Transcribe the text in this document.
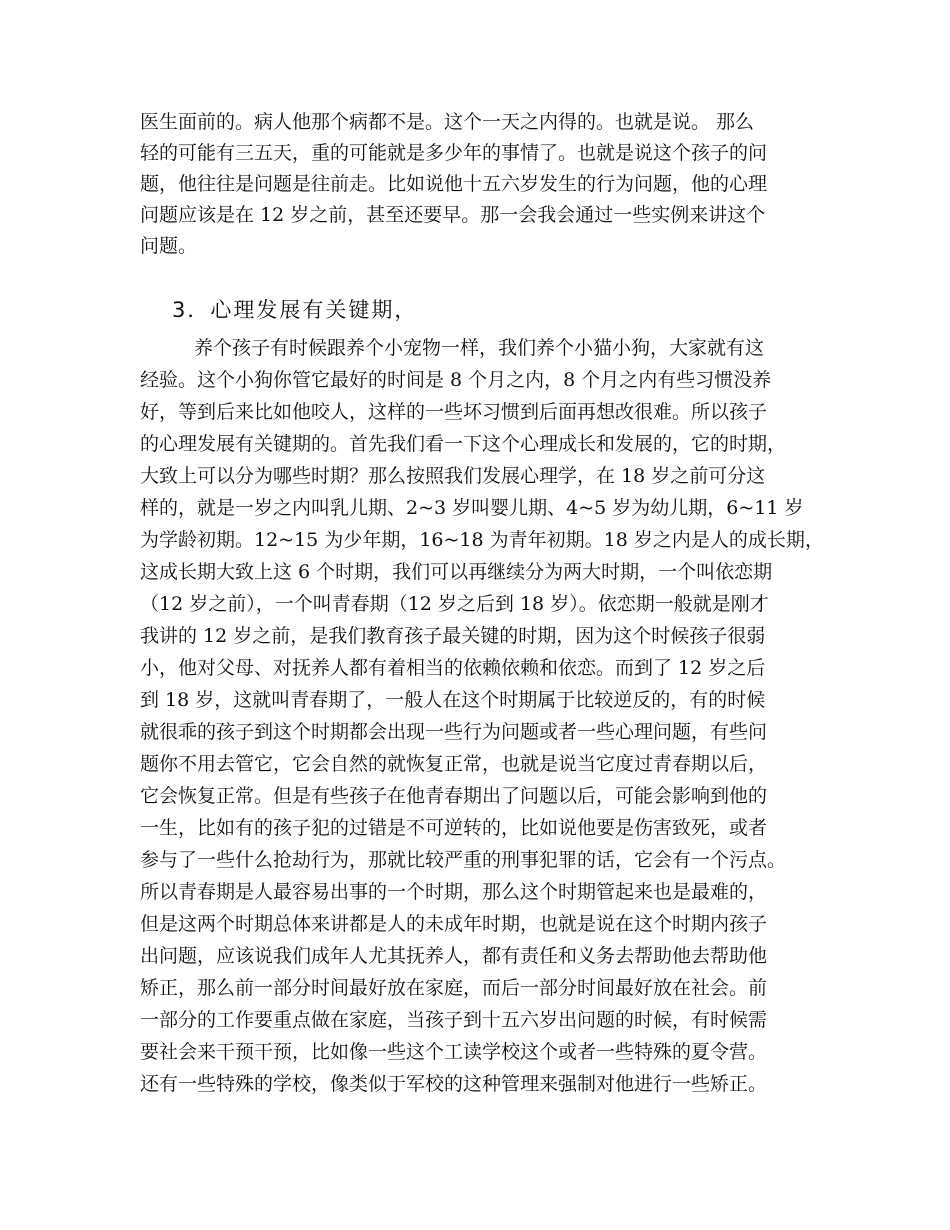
医生面前的。病人他那个病都不是。这个一天之内得的。也就是说。 那么
轻的可能有三五天，重的可能就是多少年的事情了。也就是说这个孩子的问
题，他往往是问题是往前走。比如说他十五六岁发生的行为问题，他的心理
问题应该是在 12 岁之前，甚至还要早。那一会我会通过一些实例来讲这个
问题。
3．心理发展有关键期，
养个孩子有时候跟养个小宠物一样，我们养个小猫小狗，大家就有这
经验。这个小狗你管它最好的时间是 8 个月之内，8 个月之内有些习惯没养
好，等到后来比如他咬人，这样的一些坏习惯到后面再想改很难。所以孩子
的心理发展有关键期的。首先我们看一下这个心理成长和发展的，它的时期，
大致上可以分为哪些时期？那么按照我们发展心理学，在 18 岁之前可分这
样的，就是一岁之内叫乳儿期、2~3 岁叫婴儿期、4~5 岁为幼儿期，6~11 岁
为学龄初期。12~15 为少年期，16~18 为青年初期。18 岁之内是人的成长期，
这成长期大致上这 6 个时期，我们可以再继续分为两大时期，一个叫依恋期
（12 岁之前），一个叫青春期（12 岁之后到 18 岁）。依恋期一般就是刚才
我讲的 12 岁之前，是我们教育孩子最关键的时期，因为这个时候孩子很弱
小，他对父母、对抚养人都有着相当的依赖依赖和依恋。而到了 12 岁之后
到 18 岁，这就叫青春期了，一般人在这个时期属于比较逆反的，有的时候
就很乖的孩子到这个时期都会出现一些行为问题或者一些心理问题，有些问
题你不用去管它，它会自然的就恢复正常，也就是说当它度过青春期以后，
它会恢复正常。但是有些孩子在他青春期出了问题以后，可能会影响到他的
一生，比如有的孩子犯的过错是不可逆转的，比如说他要是伤害致死，或者
参与了一些什么抢劫行为，那就比较严重的刑事犯罪的话，它会有一个污点。
所以青春期是人最容易出事的一个时期，那么这个时期管起来也是最难的，
但是这两个时期总体来讲都是人的未成年时期，也就是说在这个时期内孩子
出问题，应该说我们成年人尤其抚养人，都有责任和义务去帮助他去帮助他
矫正，那么前一部分时间最好放在家庭，而后一部分时间最好放在社会。前
一部分的工作要重点做在家庭，当孩子到十五六岁出问题的时候，有时候需
要社会来干预干预，比如像一些这个工读学校这个或者一些特殊的夏令营。
还有一些特殊的学校，像类似于军校的这种管理来强制对他进行一些矫正。
